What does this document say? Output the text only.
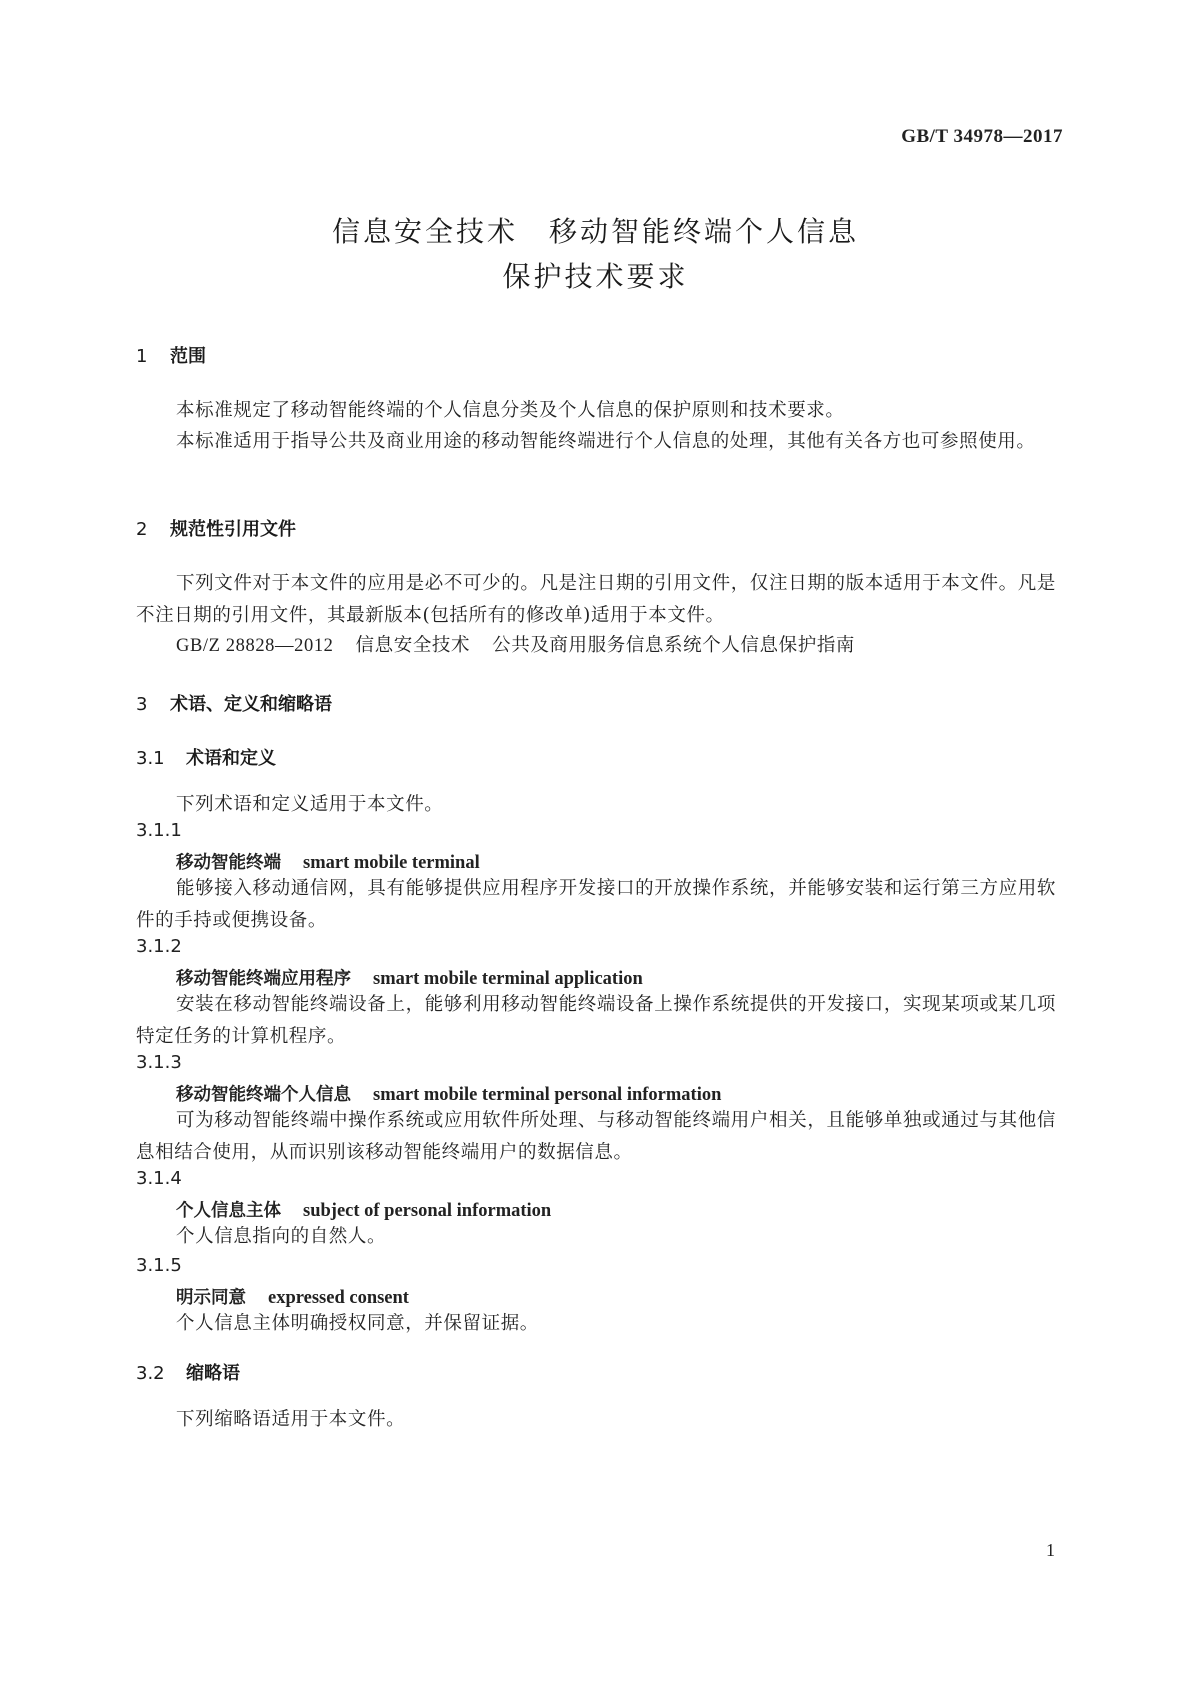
GB/T 34978—2017
信息安全技术　移动智能终端个人信息
保护技术要求
1 范围
本标准规定了移动智能终端的个人信息分类及个人信息的保护原则和技术要求。
本标准适用于指导公共及商业用途的移动智能终端进行个人信息的处理，其他有关各方也可参照使用。
2 规范性引用文件
下列文件对于本文件的应用是必不可少的。凡是注日期的引用文件，仅注日期的版本适用于本文件。凡是不注日期的引用文件，其最新版本(包括所有的修改单)适用于本文件。
GB/Z 28828—2012 信息安全技术 公共及商用服务信息系统个人信息保护指南
3 术语、定义和缩略语
3.1 术语和定义
下列术语和定义适用于本文件。
3.1.1
移动智能终端 smart mobile terminal
能够接入移动通信网，具有能够提供应用程序开发接口的开放操作系统，并能够安装和运行第三方应用软件的手持或便携设备。
3.1.2
移动智能终端应用程序 smart mobile terminal application
安装在移动智能终端设备上，能够利用移动智能终端设备上操作系统提供的开发接口，实现某项或某几项特定任务的计算机程序。
3.1.3
移动智能终端个人信息 smart mobile terminal personal information
可为移动智能终端中操作系统或应用软件所处理、与移动智能终端用户相关，且能够单独或通过与其他信息相结合使用，从而识别该移动智能终端用户的数据信息。
3.1.4
个人信息主体 subject of personal information
个人信息指向的自然人。
3.1.5
明示同意 expressed consent
个人信息主体明确授权同意，并保留证据。
3.2 缩略语
下列缩略语适用于本文件。
1
